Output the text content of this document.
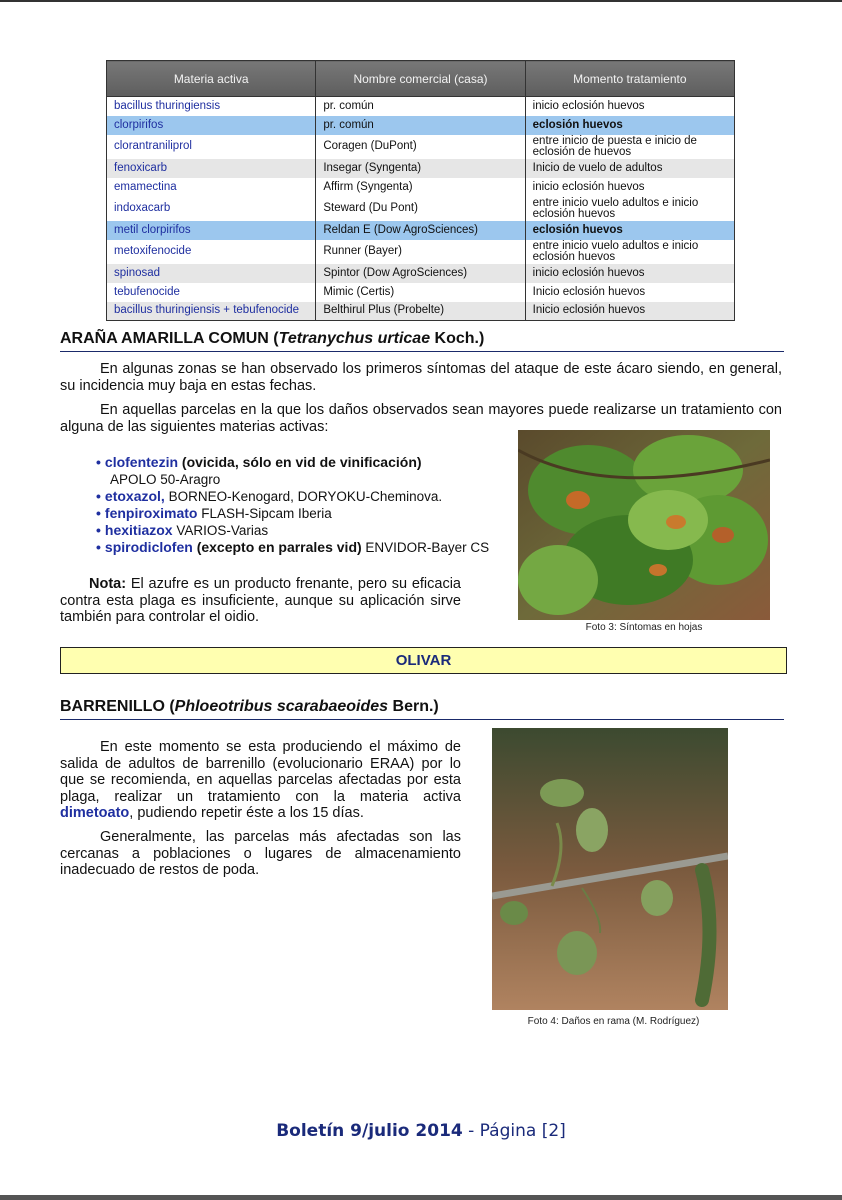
Materia activa	Nombre comercial (casa)	Momento tratamiento
bacillus thuringiensis	pr. común	inicio eclosión huevos
clorpirifos	pr. común	eclosión huevos
clorantraniliprol	Coragen (DuPont)	entre inicio de puesta e inicio de eclosión de huevos
fenoxicarb	Insegar (Syngenta)	Inicio de vuelo de adultos
emamectina	Affirm (Syngenta)	inicio eclosión huevos
indoxacarb	Steward (Du Pont)	entre inicio vuelo adultos e inicio eclosión huevos
metil clorpirifos	Reldan E (Dow AgroSciences)	eclosión huevos
metoxifenocide	Runner (Bayer)	entre inicio vuelo adultos e inicio eclosión huevos
spinosad	Spintor (Dow AgroSciences)	inicio eclosión huevos
tebufenocide	Mimic (Certis)	Inicio eclosión huevos
bacillus thuringiensis + tebufenocide	Belthirul Plus (Probelte)	Inicio eclosión huevos
ARAÑA AMARILLA COMUN (Tetranychus urticae Koch.)

En algunas zonas se han observado los primeros síntomas del ataque de este ácaro siendo, en general, su incidencia muy baja en estas fechas.

En aquellas parcelas en la que los daños observados sean mayores puede realizarse un tratamiento con alguna de las siguientes materias activas:

• clofentezin (ovicida, sólo en vid de vinificación)
APOLO 50-Aragro
• etoxazol, BORNEO-Kenogard, DORYOKU-Cheminova.
• fenpiroximato FLASH-Sipcam Iberia
• hexitiazox VARIOS-Varias
• spirodiclofen (excepto en parrales vid) ENVIDOR-Bayer CS

Nota: El azufre es un producto frenante, pero su eficacia contra esta plaga es insuficiente, aunque su aplicación sirve también para controlar el oidio.

Foto 3: Síntomas en hojas
OLIVAR
BARRENILLO (Phloeotribus scarabaeoides Bern.)

En este momento se esta produciendo el máximo de salida de adultos de barrenillo (evolucionario ERAA) por lo que se recomienda, en aquellas parcelas afectadas por esta plaga, realizar un tratamiento con la materia activa dimetoato, pudiendo repetir éste a los 15 días.

Generalmente, las parcelas más afectadas son las cercanas a poblaciones o lugares de almacenamiento inadecuado de restos de poda.

Foto 4: Daños en rama (M. Rodríguez)
Boletín 9/julio 2014 - Página [2]
